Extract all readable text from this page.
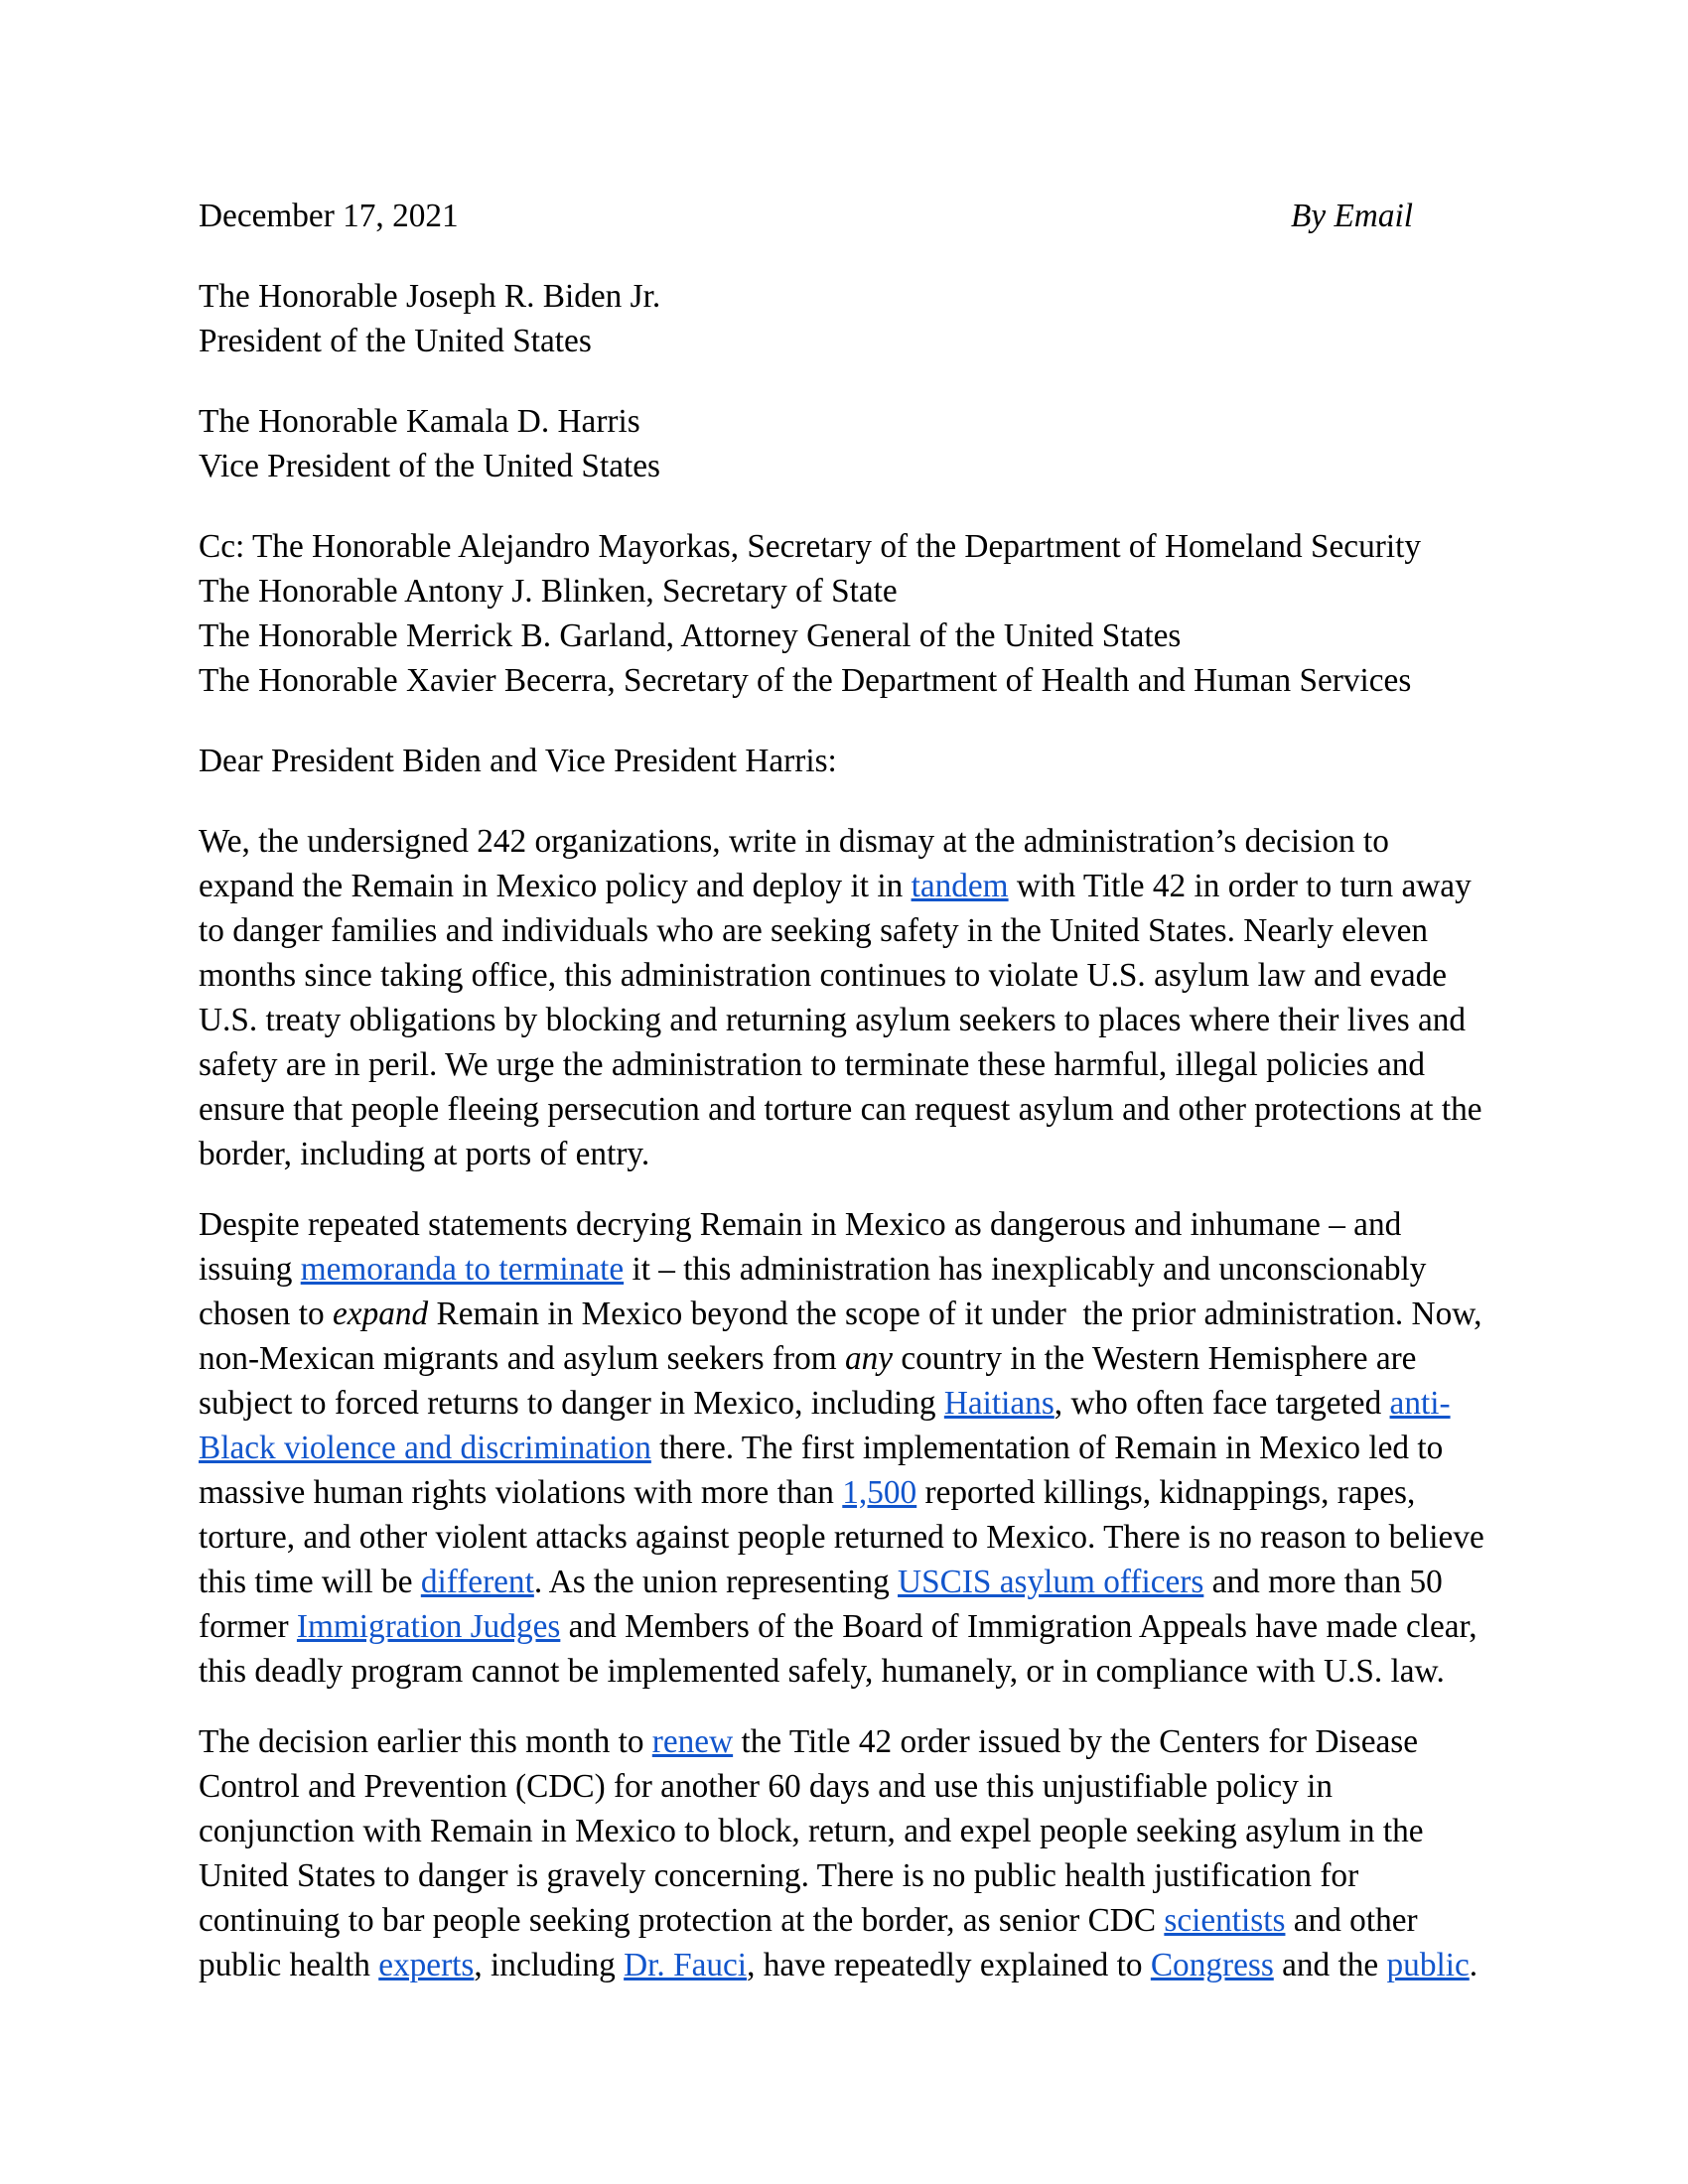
December 17, 2021	By Email
The Honorable Joseph R. Biden Jr.
President of the United States
The Honorable Kamala D. Harris
Vice President of the United States
Cc: The Honorable Alejandro Mayorkas, Secretary of the Department of Homeland Security
The Honorable Antony J. Blinken, Secretary of State
The Honorable Merrick B. Garland, Attorney General of the United States
The Honorable Xavier Becerra, Secretary of the Department of Health and Human Services
Dear President Biden and Vice President Harris:
We, the undersigned 242 organizations, write in dismay at the administration’s decision to
expand the Remain in Mexico policy and deploy it in tandem with Title 42 in order to turn away
to danger families and individuals who are seeking safety in the United States. Nearly eleven
months since taking office, this administration continues to violate U.S. asylum law and evade
U.S. treaty obligations by blocking and returning asylum seekers to places where their lives and
safety are in peril. We urge the administration to terminate these harmful, illegal policies and
ensure that people fleeing persecution and torture can request asylum and other protections at the
border, including at ports of entry.
Despite repeated statements decrying Remain in Mexico as dangerous and inhumane – and
issuing memoranda to terminate it – this administration has inexplicably and unconscionably
chosen to expand Remain in Mexico beyond the scope of it under  the prior administration. Now,
non-Mexican migrants and asylum seekers from any country in the Western Hemisphere are
subject to forced returns to danger in Mexico, including Haitians, who often face targeted anti-
Black violence and discrimination there. The first implementation of Remain in Mexico led to
massive human rights violations with more than 1,500 reported killings, kidnappings, rapes,
torture, and other violent attacks against people returned to Mexico. There is no reason to believe
this time will be different. As the union representing USCIS asylum officers and more than 50
former Immigration Judges and Members of the Board of Immigration Appeals have made clear,
this deadly program cannot be implemented safely, humanely, or in compliance with U.S. law.
The decision earlier this month to renew the Title 42 order issued by the Centers for Disease
Control and Prevention (CDC) for another 60 days and use this unjustifiable policy in
conjunction with Remain in Mexico to block, return, and expel people seeking asylum in the
United States to danger is gravely concerning. There is no public health justification for
continuing to bar people seeking protection at the border, as senior CDC scientists and other
public health experts, including Dr. Fauci, have repeatedly explained to Congress and the public.
